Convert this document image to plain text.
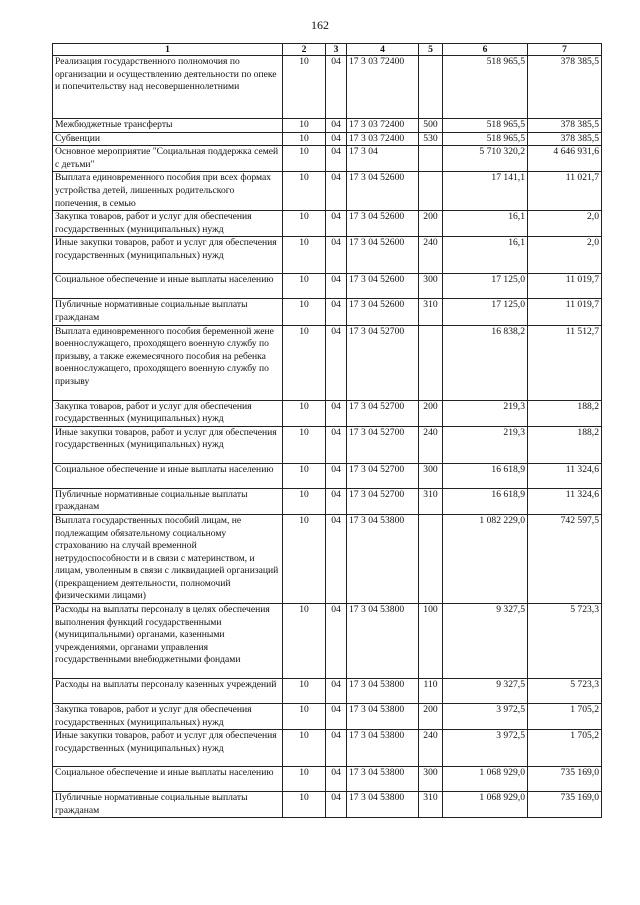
162
1	2	3	4	5	6	7
Реализация государственного полномочия по организации и осуществлению деятельности по опеке и попечительству над несовершеннолетними	10	04	17 3 03 72400		518 965,5	378 385,5
Межбюджетные трансферты	10	04	17 3 03 72400	500	518 965,5	378 385,5
Субвенции	10	04	17 3 03 72400	530	518 965,5	378 385,5
Основное мероприятие "Социальная поддержка семей с детьми"	10	04	17 3 04		5 710 320,2	4 646 931,6
Выплата единовременного пособия при всех формах устройства детей, лишенных родительского попечения, в семью	10	04	17 3 04 52600		17 141,1	11 021,7
Закупка товаров, работ и услуг для обеспечения государственных (муниципальных) нужд	10	04	17 3 04 52600	200	16,1	2,0
Иные закупки товаров, работ и услуг для обеспечения государственных (муниципальных) нужд	10	04	17 3 04 52600	240	16,1	2,0
Социальное обеспечение и иные выплаты населению	10	04	17 3 04 52600	300	17 125,0	11 019,7
Публичные нормативные социальные выплаты гражданам	10	04	17 3 04 52600	310	17 125,0	11 019,7
Выплата единовременного пособия беременной жене военнослужащего, проходящего военную службу по призыву, а также ежемесячного пособия на ребенка военнослужащего, проходящего военную службу по призыву	10	04	17 3 04 52700		16 838,2	11 512,7
Закупка товаров, работ и услуг для обеспечения государственных (муниципальных) нужд	10	04	17 3 04 52700	200	219,3	188,2
Иные закупки товаров, работ и услуг для обеспечения государственных (муниципальных) нужд	10	04	17 3 04 52700	240	219,3	188,2
Социальное обеспечение и иные выплаты населению	10	04	17 3 04 52700	300	16 618,9	11 324,6
Публичные нормативные социальные выплаты гражданам	10	04	17 3 04 52700	310	16 618,9	11 324,6
Выплата государственных пособий лицам, не подлежащим обязательному социальному страхованию на случай временной нетрудоспособности и в связи с материнством, и лицам, уволенным в связи с ликвидацией организаций (прекращением деятельности, полномочий физическими лицами)	10	04	17 3 04 53800		1 082 229,0	742 597,5
Расходы на выплаты персоналу в целях обеспечения выполнения функций государственными (муниципальными) органами, казенными учреждениями, органами управления государственными внебюджетными фондами	10	04	17 3 04 53800	100	9 327,5	5 723,3
Расходы на выплаты персоналу казенных учреждений	10	04	17 3 04 53800	110	9 327,5	5 723,3
Закупка товаров, работ и услуг для обеспечения государственных (муниципальных) нужд	10	04	17 3 04 53800	200	3 972,5	1 705,2
Иные закупки товаров, работ и услуг для обеспечения государственных (муниципальных) нужд	10	04	17 3 04 53800	240	3 972,5	1 705,2
Социальное обеспечение и иные выплаты населению	10	04	17 3 04 53800	300	1 068 929,0	735 169,0
Публичные нормативные социальные выплаты гражданам	10	04	17 3 04 53800	310	1 068 929,0	735 169,0
